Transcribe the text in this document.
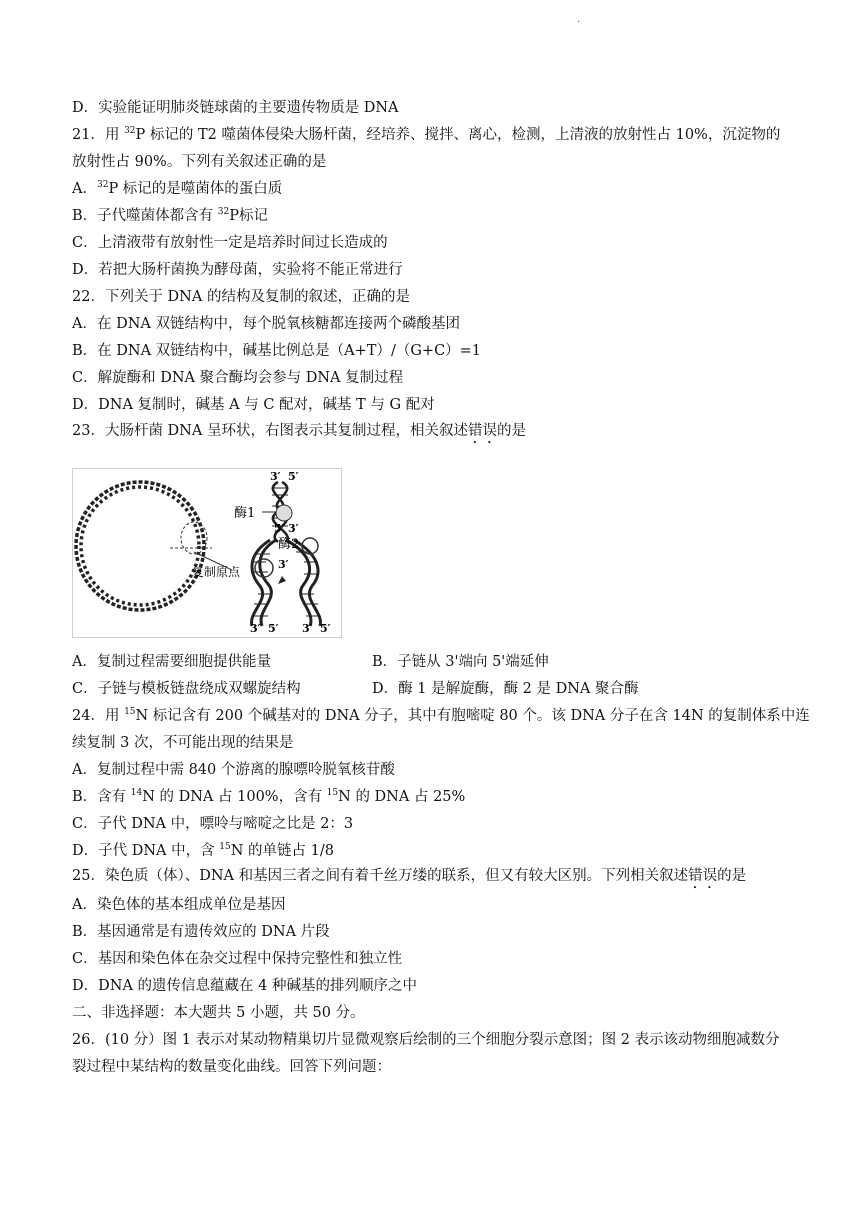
.
D．实验能证明肺炎链球菌的主要遗传物质是 DNA
21．用 $^{32}$P 标记的 T2 噬菌体侵染大肠杆菌，经培养、搅拌、离心，检测，上清液的放射性占 10%，沉淀物的
放射性占 90%。下列有关叙述正确的是
A．$^{32}$P 标记的是噬菌体的蛋白质
B．子代噬菌体都含有 $^{32}$P标记
C．上清液带有放射性一定是培养时间过长造成的
D．若把大肠杆菌换为酵母菌，实验将不能正常进行
22．下列关于 DNA 的结构及复制的叙述，正确的是
A．在 DNA 双链结构中，每个脱氧核糖都连接两个磷酸基团
B．在 DNA 双链结构中，碱基比例总是（A+T）/（G+C）=1
C．解旋酶和 DNA 聚合酶均会参与 DNA 复制过程
D．DNA 复制时，碱基 A 与 C 配对，碱基 T 与 G 配对
23．大肠杆菌 DNA 呈环状，右图表示其复制过程，相关叙述错误的是
复制原点
3′ 5′
酶1
5′ 3′
酶2
3′
3′ 5′ 3′ 5′
A．复制过程需要细胞提供能量	B．子链从 3'端向 5'端延伸
C．子链与模板链盘绕成双螺旋结构	D．酶 1 是解旋酶，酶 2 是 DNA 聚合酶
24．用 $^{15}$N 标记含有 200 个碱基对的 DNA 分子，其中有胞嘧啶 80 个。该 DNA 分子在含 14N 的复制体系中连
续复制 3 次，不可能出现的结果是
A．复制过程中需 840 个游离的腺嘌呤脱氧核苷酸
B．含有 $^{14}$N 的 DNA 占 100%，含有 $^{15}$N 的 DNA 占 25%
C．子代 DNA 中，嘌呤与嘧啶之比是 2：3
D．子代 DNA 中，含 $^{15}$N 的单链占 1/8
25．染色质（体）、DNA 和基因三者之间有着千丝万缕的联系，但又有较大区别。下列相关叙述错误的是
A．染色体的基本组成单位是基因
B．基因通常是有遗传效应的 DNA 片段
C．基因和染色体在杂交过程中保持完整性和独立性
D．DNA 的遗传信息蕴藏在 4 种碱基的排列顺序之中
二、非选择题：本大题共 5 小题，共 50 分。
26．(10 分）图 1 表示对某动物精巢切片显微观察后绘制的三个细胞分裂示意图；图 2 表示该动物细胞减数分
裂过程中某结构的数量变化曲线。回答下列问题：
